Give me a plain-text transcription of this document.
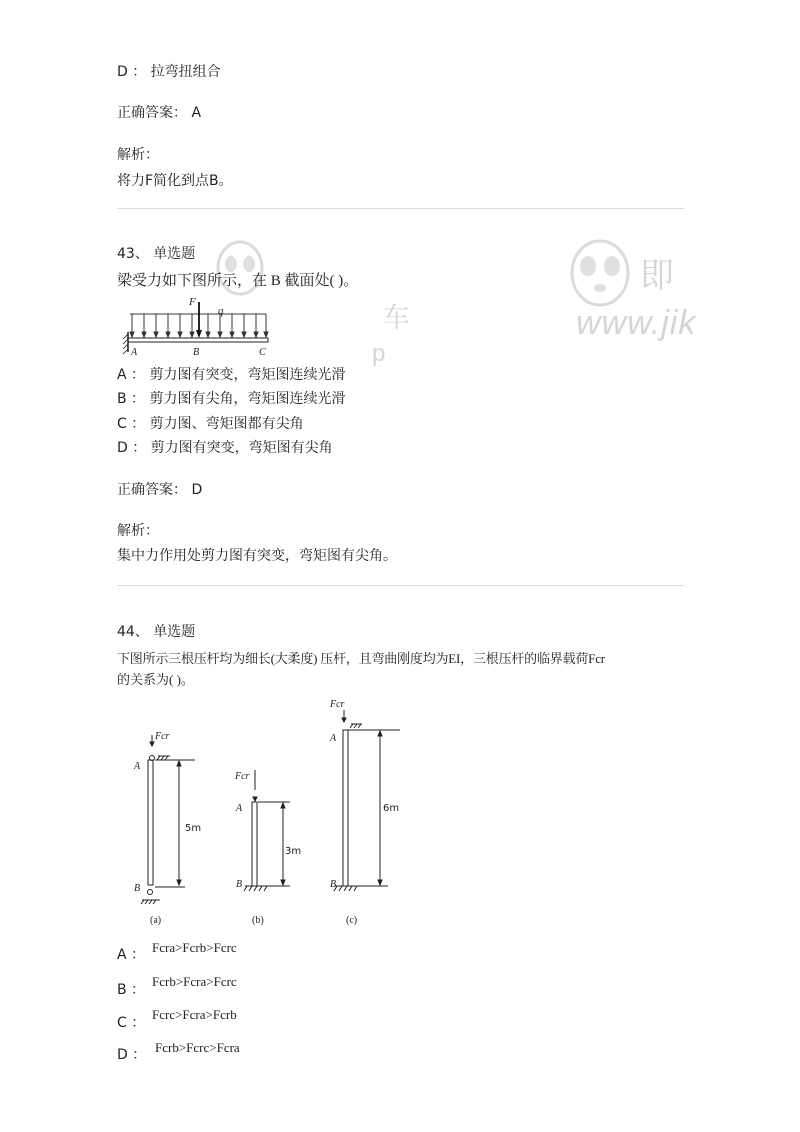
D ： 拉弯扭组合
正确答案： A
解析：
将力F简化到点B。
车
p
即
www.jik
43、 单选题
梁受力如下图所示，在 B 截面处( )。
F
q
A	B	C
A ： 剪力图有突变，弯矩图连续光滑
B ： 剪力图有尖角，弯矩图连续光滑
C ： 剪力图、弯矩图都有尖角
D ： 剪力图有突变，弯矩图有尖角
正确答案： D
解析：
集中力作用处剪力图有突变，弯矩图有尖角。
44、 单选题
下图所示三根压杆均为细长(大柔度) 压杆，且弯曲刚度均为EI，三根压杆的临界载荷Fcr
的关系为( )。
Fcr
A
B
5m
(a)
Fcr
A
B
3m
(b)
Fcr
A
B
6m
(c)
A ： Fcra>Fcrb>Fcrc
B ：
Fcrb>Fcra>Fcrc
C ：
Fcrc>Fcra>Fcrb
D ： Fcrb>Fcrc>Fcra
